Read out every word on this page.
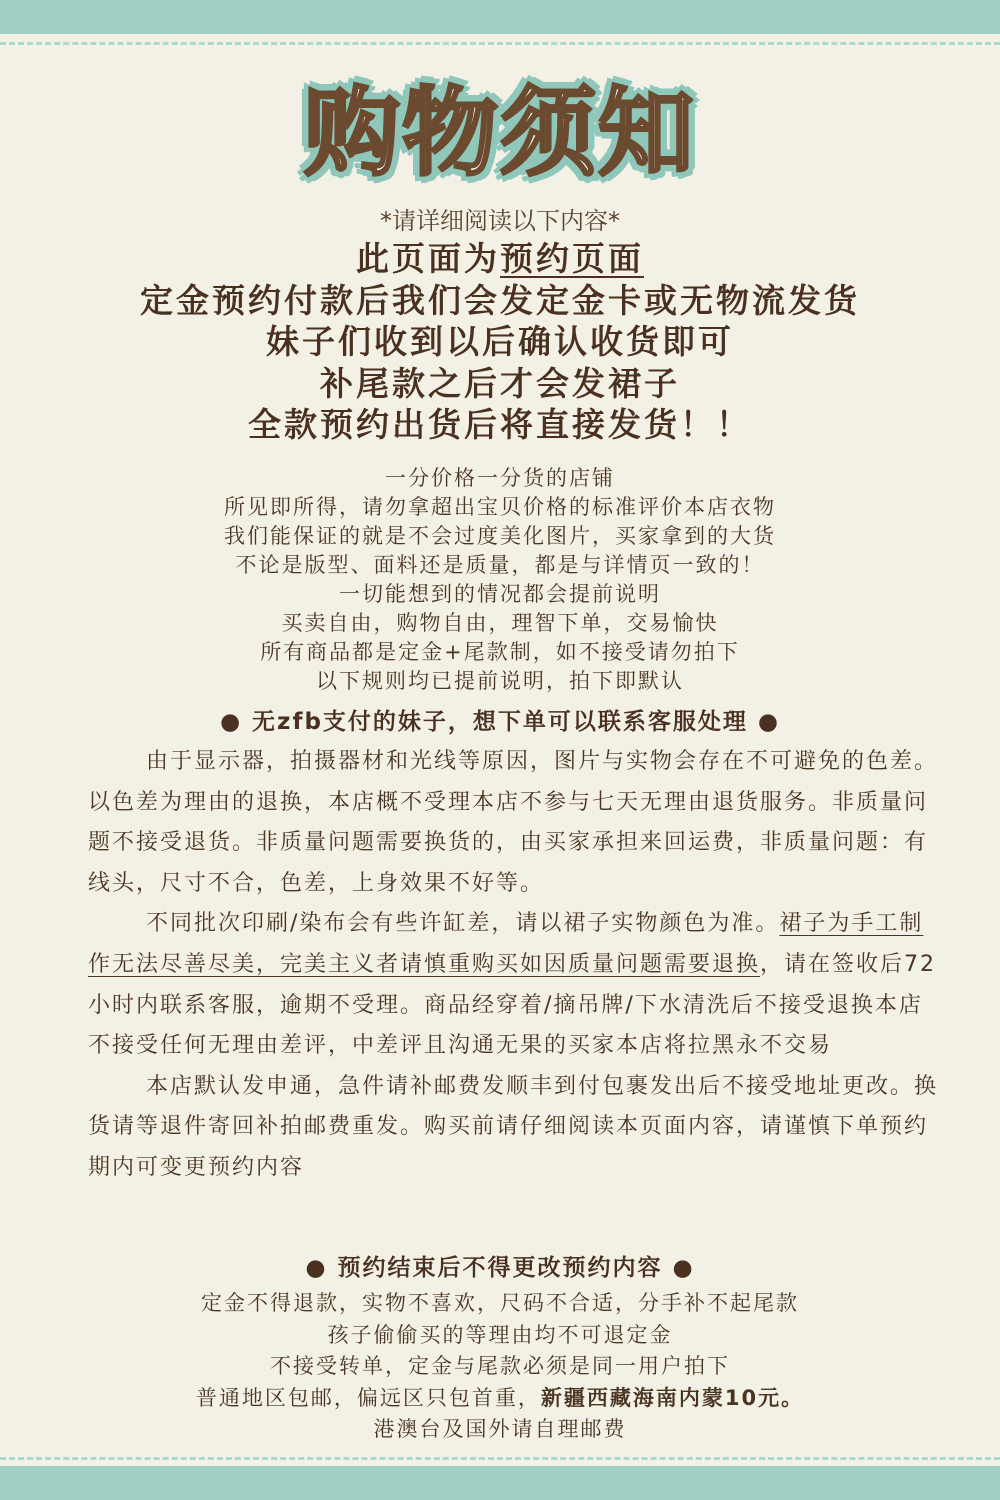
购物须知
*请详细阅读以下内容*
此页面为预约页面
定金预约付款后我们会发定金卡或无物流发货
妹子们收到以后确认收货即可
补尾款之后才会发裙子
全款预约出货后将直接发货！！
一分价格一分货的店铺
所见即所得，请勿拿超出宝贝价格的标准评价本店衣物
我们能保证的就是不会过度美化图片，买家拿到的大货
不论是版型、面料还是质量，都是与详情页一致的！
一切能想到的情况都会提前说明
买卖自由，购物自由，理智下单，交易愉快
所有商品都是定金+尾款制，如不接受请勿拍下
以下规则均已提前说明，拍下即默认
● 无zfb支付的妹子，想下单可以联系客服处理 ●

由于显示器，拍摄器材和光线等原因，图片与实物会存在不可避免的色差。以色差为理由的退换，本店概不受理本店不参与七天无理由退货服务。非质量问题不接受退货。非质量问题需要换货的，由买家承担来回运费，非质量问题：有线头，尺寸不合，色差，上身效果不好等。

不同批次印刷/染布会有些许缸差，请以裙子实物颜色为准。裙子为手工制作无法尽善尽美，完美主义者请慎重购买如因质量问题需要退换，请在签收后72小时内联系客服，逾期不受理。商品经穿着/摘吊牌/下水清洗后不接受退换本店不接受任何无理由差评，中差评且沟通无果的买家本店将拉黑永不交易

本店默认发申通，急件请补邮费发顺丰到付包裹发出后不接受地址更改。换货请等退件寄回补拍邮费重发。购买前请仔细阅读本页面内容，请谨慎下单预约期内可变更预约内容

● 预约结束后不得更改预约内容 ●
定金不得退款，实物不喜欢，尺码不合适，分手补不起尾款
孩子偷偷买的等理由均不可退定金
不接受转单，定金与尾款必须是同一用户拍下
普通地区包邮，偏远区只包首重，新疆西藏海南内蒙10元。
港澳台及国外请自理邮费
